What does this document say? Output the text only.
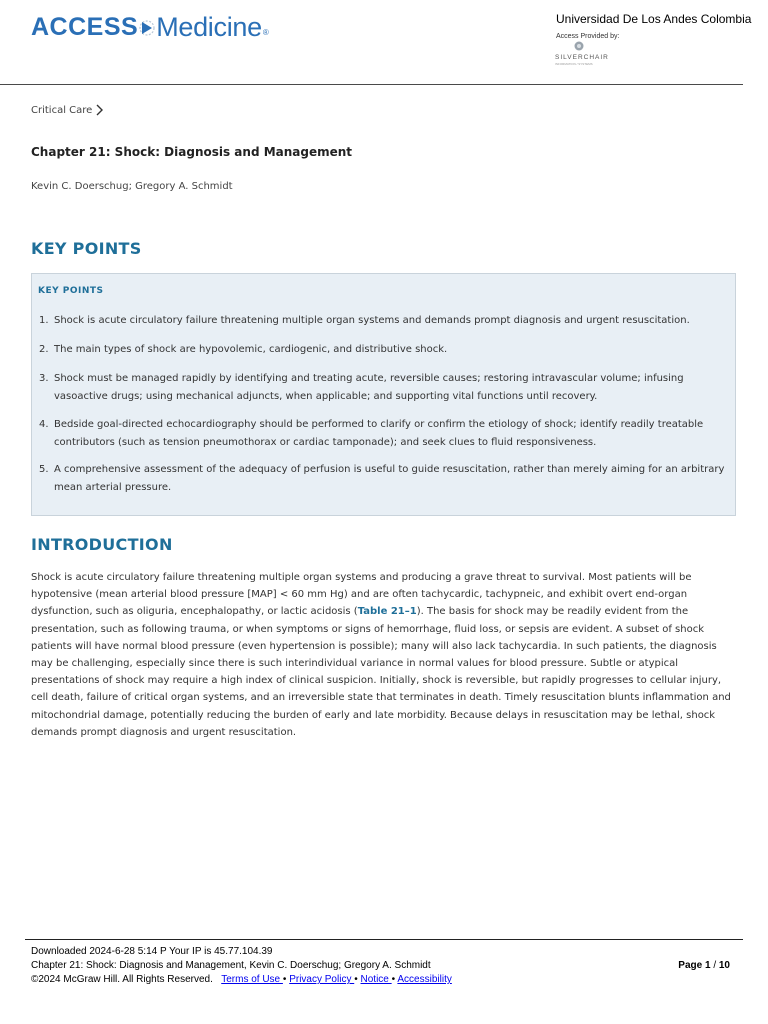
ACCESS Medicine ®
Universidad De Los Andes Colombia
Access Provided by:
SILVERCHAIR
INFORMATION / SYSTEMS
Critical Care
Chapter 21: Shock: Diagnosis and Management
Kevin C. Doerschug; Gregory A. Schmidt
KEY POINTS
KEY POINTS
1. Shock is acute circulatory failure threatening multiple organ systems and demands prompt diagnosis and urgent resuscitation.
2. The main types of shock are hypovolemic, cardiogenic, and distributive shock.
3. Shock must be managed rapidly by identifying and treating acute, reversible causes; restoring intravascular volume; infusing vasoactive drugs; using mechanical adjuncts, when applicable; and supporting vital functions until recovery.
4. Bedside goal-directed echocardiography should be performed to clarify or confirm the etiology of shock; identify readily treatable contributors (such as tension pneumothorax or cardiac tamponade); and seek clues to fluid responsiveness.
5. A comprehensive assessment of the adequacy of perfusion is useful to guide resuscitation, rather than merely aiming for an arbitrary mean arterial pressure.
INTRODUCTION
Shock is acute circulatory failure threatening multiple organ systems and producing a grave threat to survival. Most patients will be hypotensive (mean arterial blood pressure [MAP] < 60 mm Hg) and are often tachycardic, tachypneic, and exhibit overt end-organ dysfunction, such as oliguria, encephalopathy, or lactic acidosis (Table 21–1). The basis for shock may be readily evident from the presentation, such as following trauma, or when symptoms or signs of hemorrhage, fluid loss, or sepsis are evident. A subset of shock patients will have normal blood pressure (even hypertension is possible); many will also lack tachycardia. In such patients, the diagnosis may be challenging, especially since there is such interindividual variance in normal values for blood pressure. Subtle or atypical presentations of shock may require a high index of clinical suspicion. Initially, shock is reversible, but rapidly progresses to cellular injury, cell death, failure of critical organ systems, and an irreversible state that terminates in death. Timely resuscitation blunts inflammation and mitochondrial damage, potentially reducing the burden of early and late morbidity. Because delays in resuscitation may be lethal, shock demands prompt diagnosis and urgent resuscitation.
Downloaded 2024-6-28 5:14 P Your IP is 45.77.104.39
Chapter 21: Shock: Diagnosis and Management, Kevin C. Doerschug; Gregory A. Schmidt
©2024 McGraw Hill. All Rights Reserved. Terms of Use • Privacy Policy • Notice • Accessibility
Page 1 / 10
